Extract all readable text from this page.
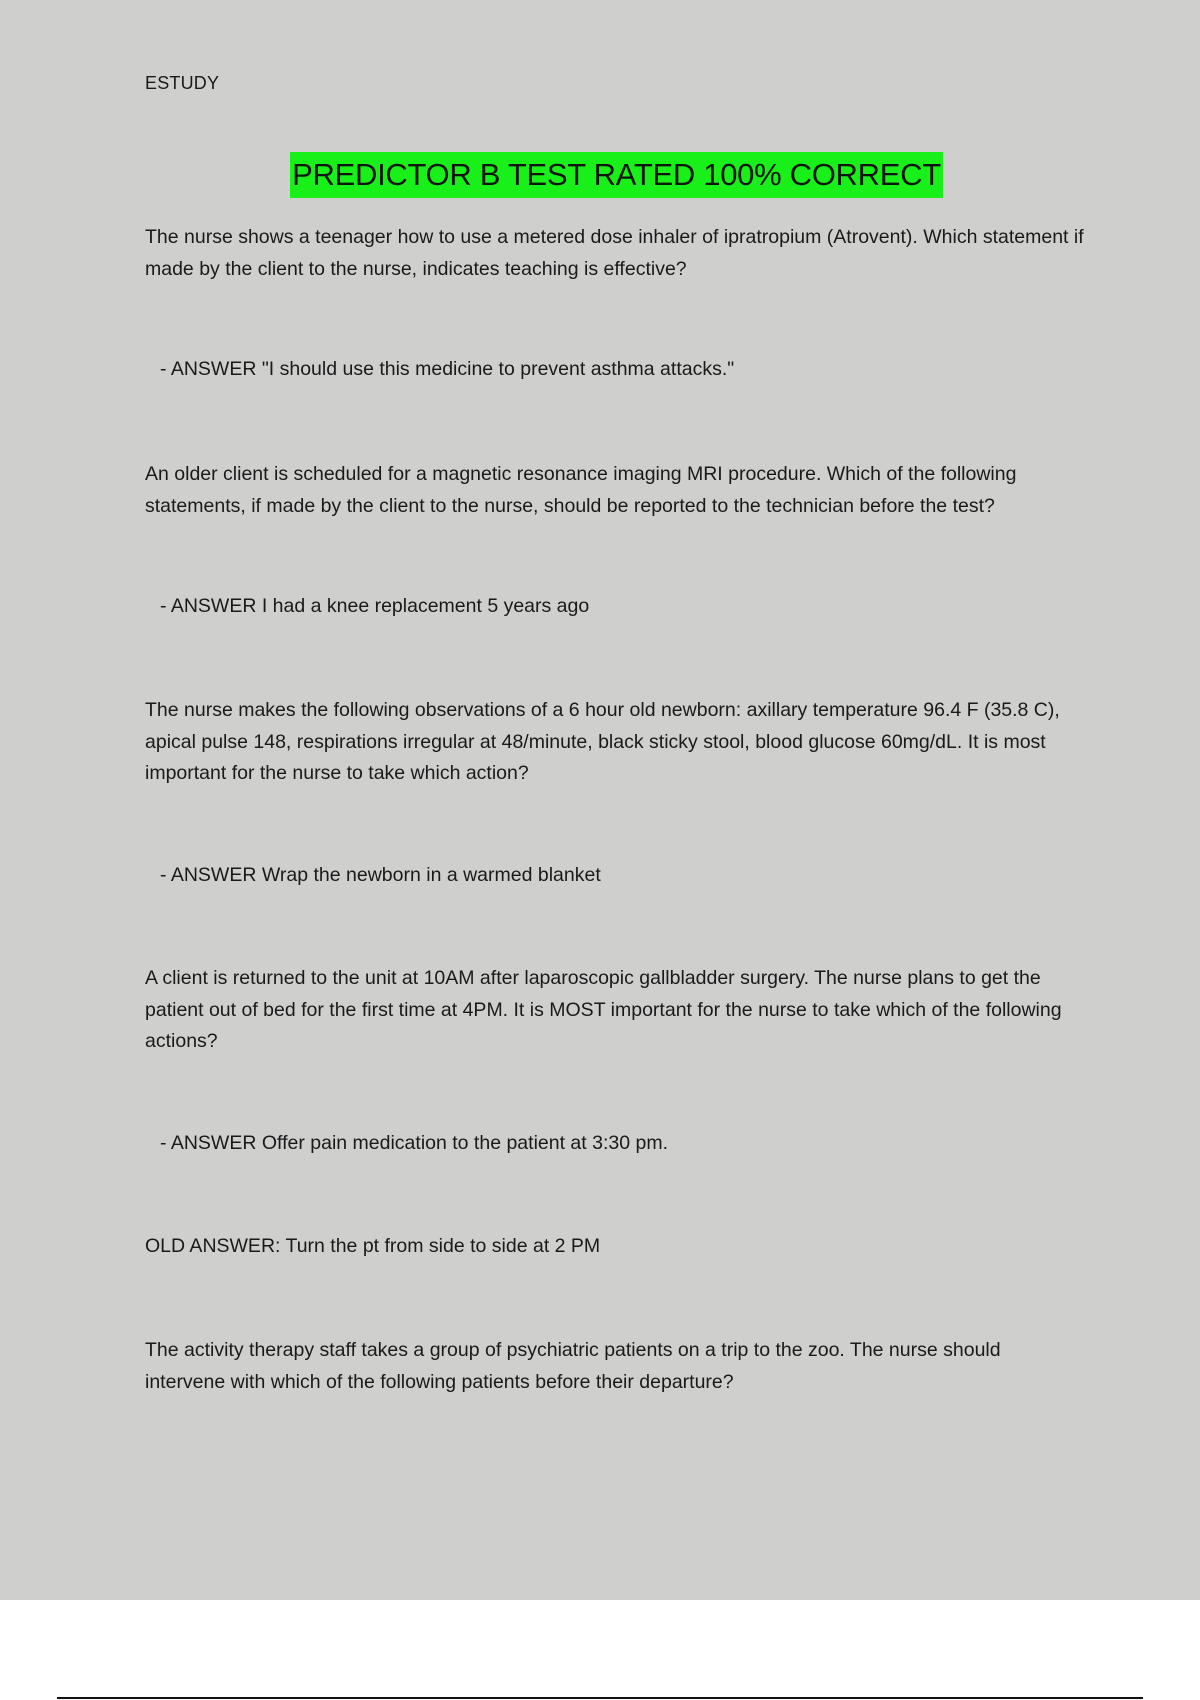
ESTUDY
PREDICTOR B TEST RATED 100% CORRECT
The nurse shows a teenager how to use a metered dose inhaler of ipratropium (Atrovent). Which statement if made by the client to the nurse, indicates teaching is effective?
- ANSWER "I should use this medicine to prevent asthma attacks."
An older client is scheduled for a magnetic resonance imaging MRI procedure. Which of the following statements, if made by the client to the nurse, should be reported to the technician before the test?
- ANSWER I had a knee replacement 5 years ago
The nurse makes the following observations of a 6 hour old newborn: axillary temperature 96.4 F (35.8 C), apical pulse 148, respirations irregular at 48/minute, black sticky stool, blood glucose 60mg/dL. It is most important for the nurse to take which action?
- ANSWER Wrap the newborn in a warmed blanket
A client is returned to the unit at 10AM after laparoscopic gallbladder surgery. The nurse plans to get the patient out of bed for the first time at 4PM. It is MOST important for the nurse to take which of the following actions?
- ANSWER Offer pain medication to the patient at 3:30 pm.
OLD ANSWER: Turn the pt from side to side at 2 PM
The activity therapy staff takes a group of psychiatric patients on a trip to the zoo. The nurse should intervene with which of the following patients before their departure?
